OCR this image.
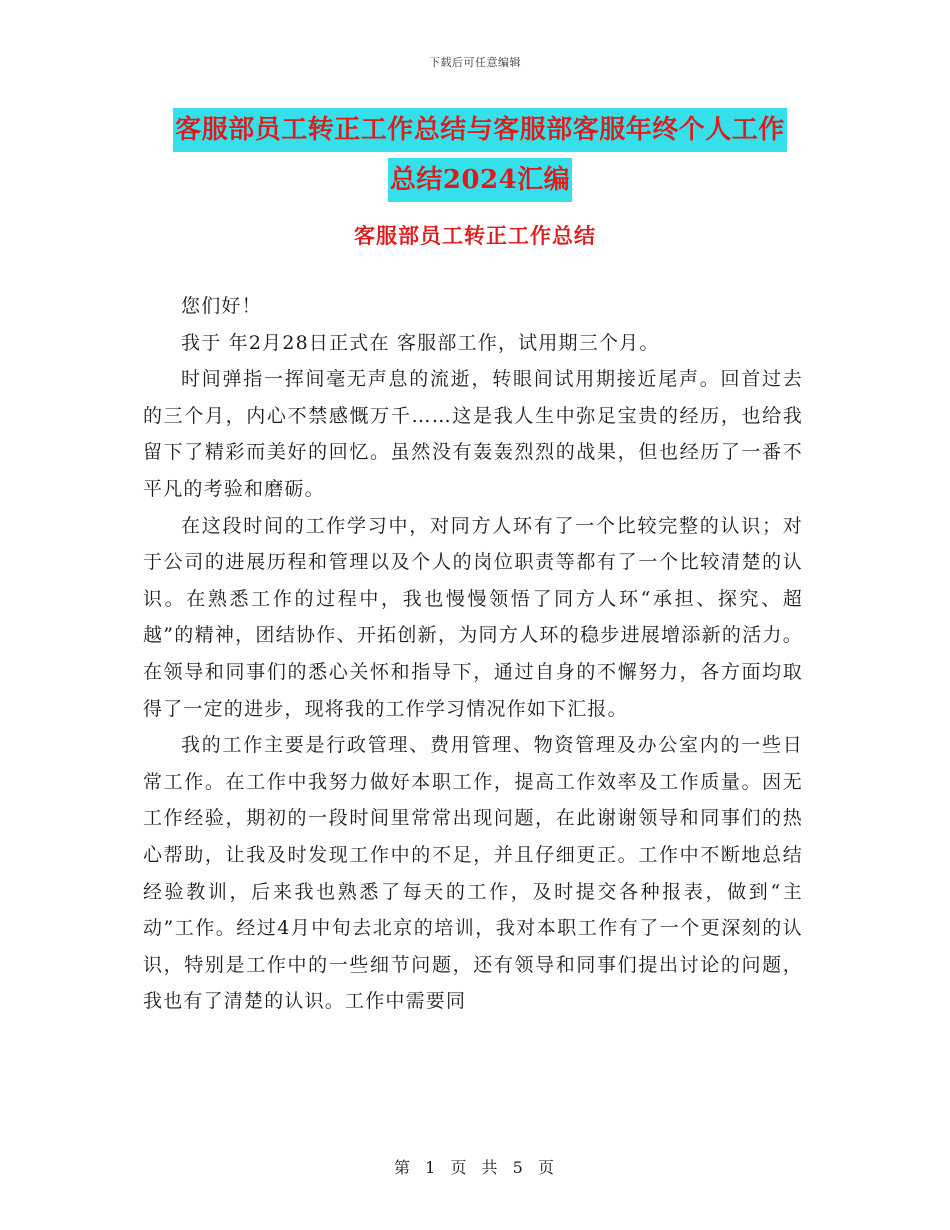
下载后可任意编辑
客服部员工转正工作总结与客服部客服年终个人工作
总结2024汇编
客服部员工转正工作总结

您们好！

我于 年2月28日正式在 客服部工作，试用期三个月。

时间弹指一挥间毫无声息的流逝，转眼间试用期接近尾声。回首过去的三个月，内心不禁感慨万千……这是我人生中弥足宝贵的经历，也给我留下了精彩而美好的回忆。虽然没有轰轰烈烈的战果，但也经历了一番不平凡的考验和磨砺。

在这段时间的工作学习中，对同方人环有了一个比较完整的认识；对于公司的进展历程和管理以及个人的岗位职责等都有了一个比较清楚的认识。在熟悉工作的过程中，我也慢慢领悟了同方人环“承担、探究、超越”的精神，团结协作、开拓创新，为同方人环的稳步进展增添新的活力。在领导和同事们的悉心关怀和指导下，通过自身的不懈努力，各方面均取得了一定的进步，现将我的工作学习情况作如下汇报。

我的工作主要是行政管理、费用管理、物资管理及办公室内的一些日常工作。在工作中我努力做好本职工作，提高工作效率及工作质量。因无工作经验，期初的一段时间里常常出现问题，在此谢谢领导和同事们的热心帮助，让我及时发现工作中的不足，并且仔细更正。工作中不断地总结经验教训，后来我也熟悉了每天的工作，及时提交各种报表，做到“主动”工作。经过4月中旬去北京的培训，我对本职工作有了一个更深刻的认识，特别是工作中的一些细节问题，还有领导和同事们提出讨论的问题，我也有了清楚的认识。工作中需要同

第 1 页 共 5 页
